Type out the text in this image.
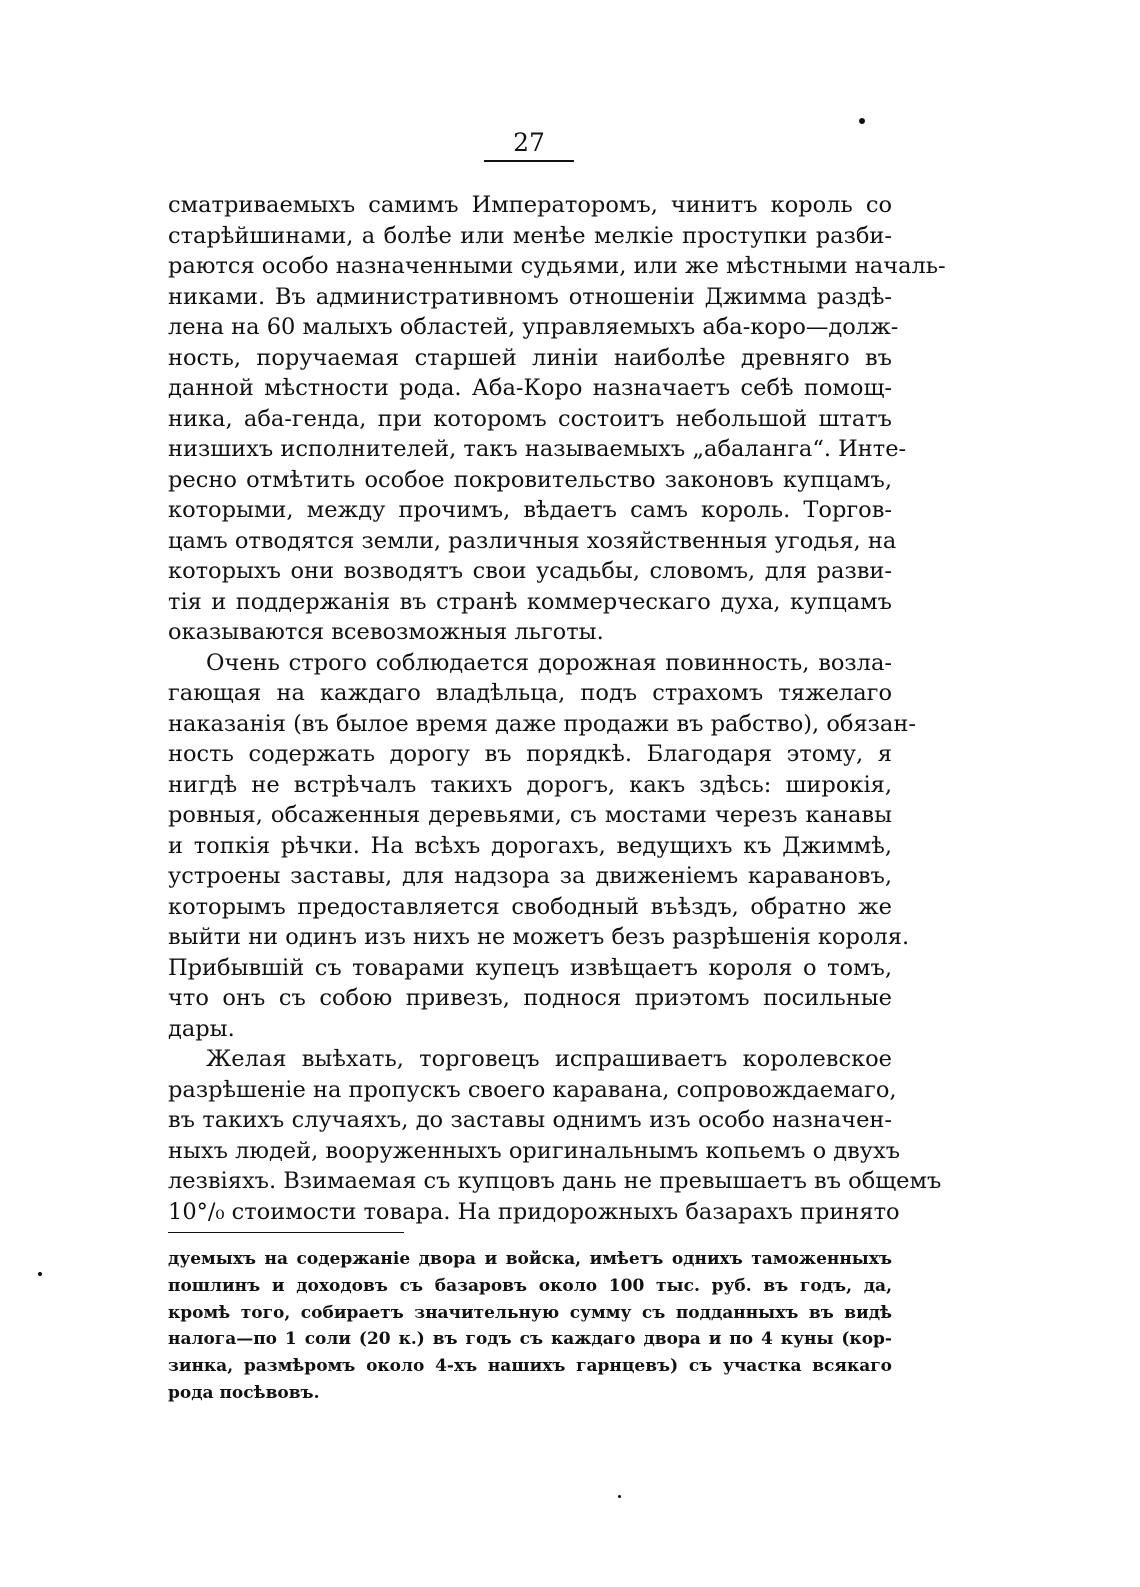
27
сматриваемыхъ самимъ Императоромъ, чинитъ король со
старѣйшинами, а болѣе или менѣе мелкіе проступки разби-
раются особо назначенными судьями, или же мѣстными началь-
никами. Въ административномъ отношеніи Джимма раздѣ-
лена на 60 малыхъ областей, управляемыхъ аба-коро—долж-
ность, поручаемая старшей линіи наиболѣе древняго въ
данной мѣстности рода. Аба-Коро назначаетъ себѣ помощ-
ника, аба-генда, при которомъ состоитъ небольшой штатъ
низшихъ исполнителей, такъ называемыхъ „абаланга“. Инте-
ресно отмѣтить особое покровительство законовъ купцамъ,
которыми, между прочимъ, вѣдаетъ самъ король. Торгов-
цамъ отводятся земли, различныя хозяйственныя угодья, на
которыхъ они возводятъ свои усадьбы, словомъ, для разви-
тія и поддержанія въ странѣ коммерческаго духа, купцамъ
оказываются всевозможныя льготы.
Очень строго соблюдается дорожная повинность, возла-
гающая на каждаго владѣльца, подъ страхомъ тяжелаго
наказанія (въ былое время даже продажи въ рабство), обязан-
ность содержать дорогу въ порядкѣ. Благодаря этому, я
нигдѣ не встрѣчалъ такихъ дорогъ, какъ здѣсь: широкія,
ровныя, обсаженныя деревьями, съ мостами черезъ канавы
и топкія рѣчки. На всѣхъ дорогахъ, ведущихъ къ Джиммѣ,
устроены заставы, для надзора за движеніемъ каравановъ,
которымъ предоставляется свободный въѣздъ, обратно же
выйти ни одинъ изъ нихъ не можетъ безъ разрѣшенія короля.
Прибывшій съ товарами купецъ извѣщаетъ короля о томъ,
что онъ съ собою привезъ, поднося приэтомъ посильные
дары.
Желая выѣхать, торговецъ испрашиваетъ королевское
разрѣшеніе на пропускъ своего каравана, сопровождаемаго,
въ такихъ случаяхъ, до заставы однимъ изъ особо назначен-
ныхъ людей, вооруженныхъ оригинальнымъ копьемъ о двухъ
лезвіяхъ. Взимаемая съ купцовъ дань не превышаетъ въ общемъ
10°/₀ стоимости товара. На придорожныхъ базарахъ принято
дуемыхъ на содержаніе двора и войска, имѣетъ однихъ таможенныхъ
пошлинъ и доходовъ съ базаровъ около 100 тыс. руб. въ годъ, да,
кромѣ того, собираетъ значительную сумму съ подданныхъ въ видѣ
налога—по 1 соли (20 к.) въ годъ съ каждаго двора и по 4 куны (кор-
зинка, размѣромъ около 4-хъ нашихъ гарнцевъ) съ участка всякаго
рода посѣвовъ.
